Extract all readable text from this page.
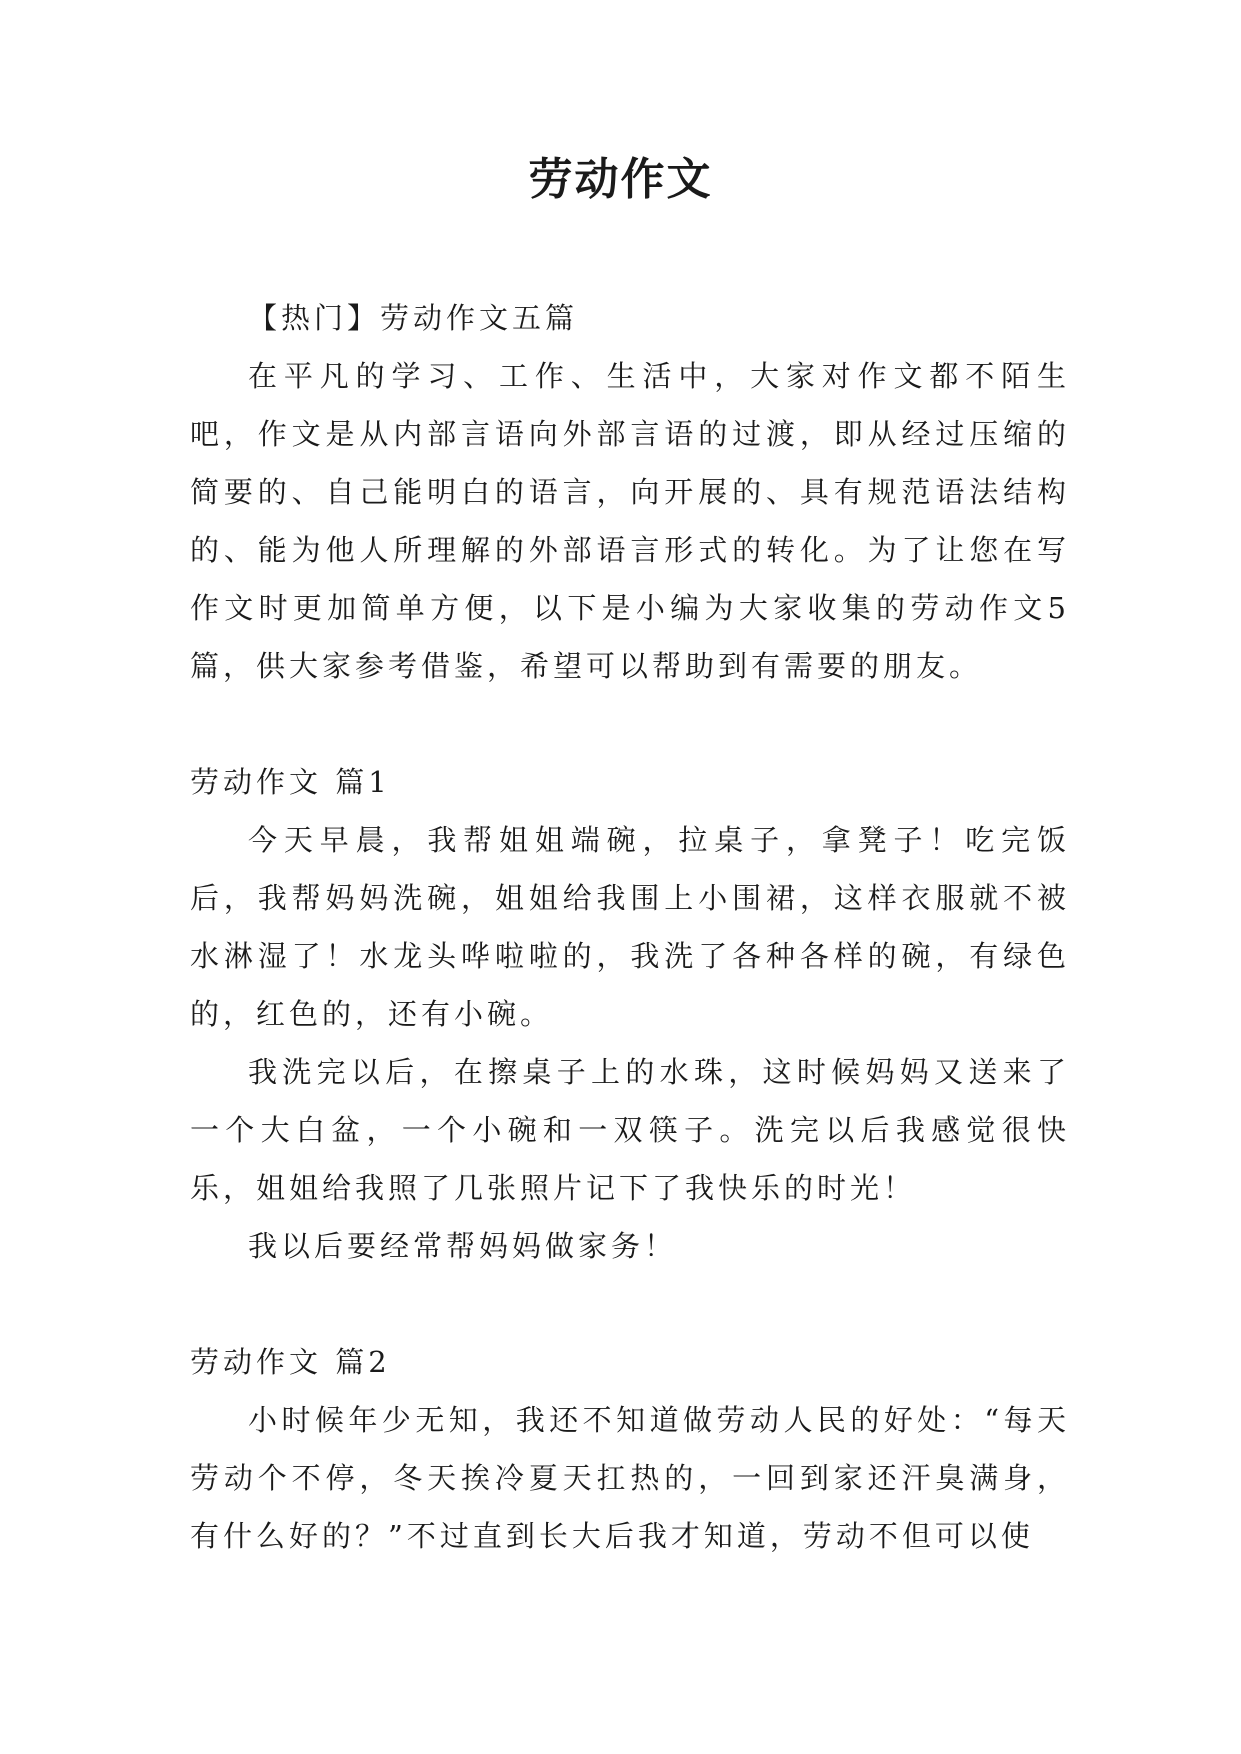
劳动作文

【热门】劳动作文五篇

在平凡的学习、工作、生活中，大家对作文都不陌生吧，作文是从内部言语向外部言语的过渡，即从经过压缩的简要的、自己能明白的语言，向开展的、具有规范语法结构的、能为他人所理解的外部语言形式的转化。为了让您在写作文时更加简单方便，以下是小编为大家收集的劳动作文5篇，供大家参考借鉴，希望可以帮助到有需要的朋友。

劳动作文 篇1

今天早晨，我帮姐姐端碗，拉桌子，拿凳子！吃完饭后，我帮妈妈洗碗，姐姐给我围上小围裙，这样衣服就不被水淋湿了！水龙头哗啦啦的，我洗了各种各样的碗，有绿色的，红色的，还有小碗。

我洗完以后，在擦桌子上的水珠，这时候妈妈又送来了一个大白盆，一个小碗和一双筷子。洗完以后我感觉很快乐，姐姐给我照了几张照片记下了我快乐的时光！

我以后要经常帮妈妈做家务！

劳动作文 篇2

小时候年少无知，我还不知道做劳动人民的好处：“每天劳动个不停，冬天挨冷夏天扛热的，一回到家还汗臭满身，有什么好的？”不过直到长大后我才知道，劳动不但可以使
